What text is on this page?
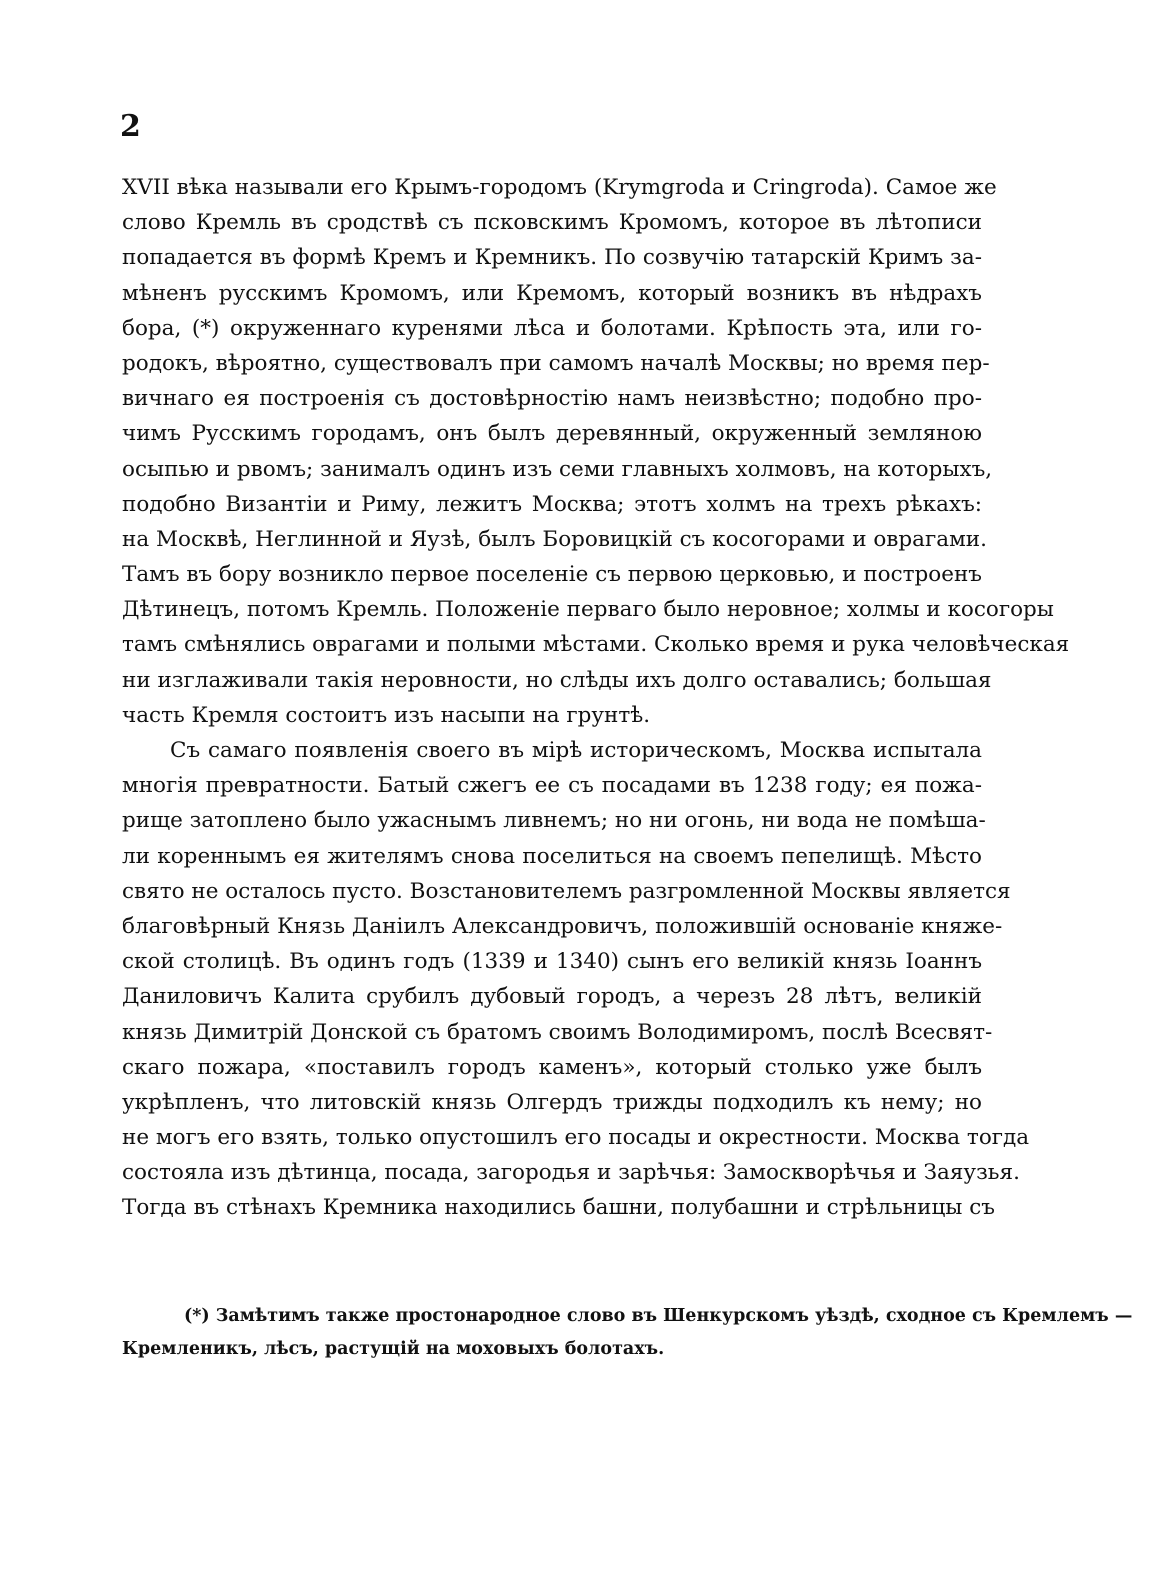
2
XVII вѣка называли его Крымъ-городомъ (Krymgroda и Cringroda). Самое же
слово Кремль въ сродствѣ съ псковскимъ Кромомъ, которое въ лѣтописи
попадается въ формѣ Кремъ и Кремникъ. По созвучію татарскій Кримъ за-
мѣненъ русскимъ Кромомъ, или Кремомъ, который возникъ въ нѣдрахъ
бора, (*) окруженнаго куренями лѣса и болотами. Крѣпость эта, или го-
родокъ, вѣроятно, существовалъ при самомъ началѣ Москвы; но время пер-
вичнаго ея построенія съ достовѣрностію намъ неизвѣстно; подобно про-
чимъ Русскимъ городамъ, онъ былъ деревянный, окруженный земляною
осыпью и рвомъ; занималъ одинъ изъ семи главныхъ холмовъ, на которыхъ,
подобно Византіи и Риму, лежитъ Москва; этотъ холмъ на трехъ рѣкахъ:
на Москвѣ, Неглинной и Яузѣ, былъ Боровицкій съ косогорами и оврагами.
Тамъ въ бору возникло первое поселеніе съ первою церковью, и построенъ
Дѣтинецъ, потомъ Кремль. Положеніе перваго было неровное; холмы и косогоры
тамъ смѣнялись оврагами и полыми мѣстами. Сколько время и рука человѣческая
ни изглаживали такія неровности, но слѣды ихъ долго оставались; большая
часть Кремля состоитъ изъ насыпи на грунтѣ.
Съ самаго появленія своего въ мірѣ историческомъ, Москва испытала
многія превратности. Батый сжегъ ее съ посадами въ 1238 году; ея пожа-
рище затоплено было ужаснымъ ливнемъ; но ни огонь, ни вода не помѣша-
ли кореннымъ ея жителямъ снова поселиться на своемъ пепелищѣ. Мѣсто
свято не осталось пусто. Возстановителемъ разгромленной Москвы является
благовѣрный Князь Даніилъ Александровичъ, положившій основаніе княже-
ской столицѣ. Въ одинъ годъ (1339 и 1340) сынъ его великій князь Іоаннъ
Даниловичъ Калита срубилъ дубовый городъ, а черезъ 28 лѣтъ, великій
князь Димитрій Донской съ братомъ своимъ Володимиромъ, послѣ Всесвят-
скаго пожара, «поставилъ городъ каменъ», который столько уже былъ
укрѣпленъ, что литовскій князь Олгердъ трижды подходилъ къ нему; но
не могъ его взять, только опустошилъ его посады и окрестности. Москва тогда
состояла изъ дѣтинца, посада, загородья и зарѣчья: Замоскворѣчья и Заяузья.
Тогда въ стѣнахъ Кремника находились башни, полубашни и стрѣльницы съ
(*) Замѣтимъ также простонародное слово въ Шенкурскомъ уѣздѣ, сходное съ Кремлемъ —
Кремленикъ, лѣсъ, растущій на моховыхъ болотахъ.
